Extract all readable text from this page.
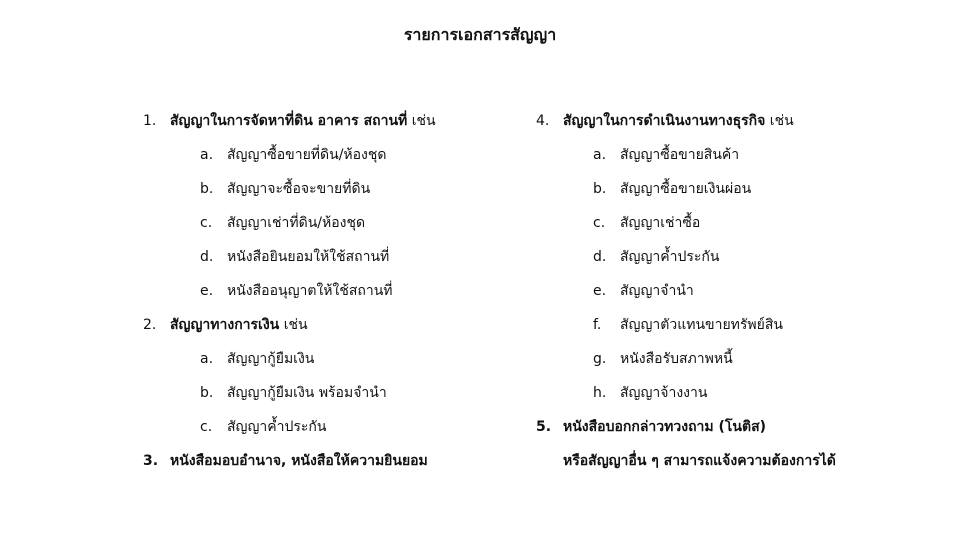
รายการเอกสารสัญญา
1. สัญญาในการจัดหาที่ดิน อาคาร สถานที่ เช่น
a. สัญญาซื้อขายที่ดิน/ห้องชุด
b. สัญญาจะซื้อจะขายที่ดิน
c. สัญญาเช่าที่ดิน/ห้องชุด
d. หนังสือยินยอมให้ใช้สถานที่
e. หนังสืออนุญาตให้ใช้สถานที่
2. สัญญาทางการเงิน เช่น
a. สัญญากู้ยืมเงิน
b. สัญญากู้ยืมเงิน พร้อมจำนำ
c. สัญญาค้ำประกัน
3. หนังสือมอบอำนาจ, หนังสือให้ความยินยอม
4. สัญญาในการดำเนินงานทางธุรกิจ เช่น
a. สัญญาซื้อขายสินค้า
b. สัญญาซื้อขายเงินผ่อน
c. สัญญาเช่าซื้อ
d. สัญญาค้ำประกัน
e. สัญญาจำนำ
f. สัญญาตัวแทนขายทรัพย์สิน
g. หนังสือรับสภาพหนี้
h. สัญญาจ้างงาน
5. หนังสือบอกกล่าวทวงถาม (โนติส)
หรือสัญญาอื่น ๆ สามารถแจ้งความต้องการได้
